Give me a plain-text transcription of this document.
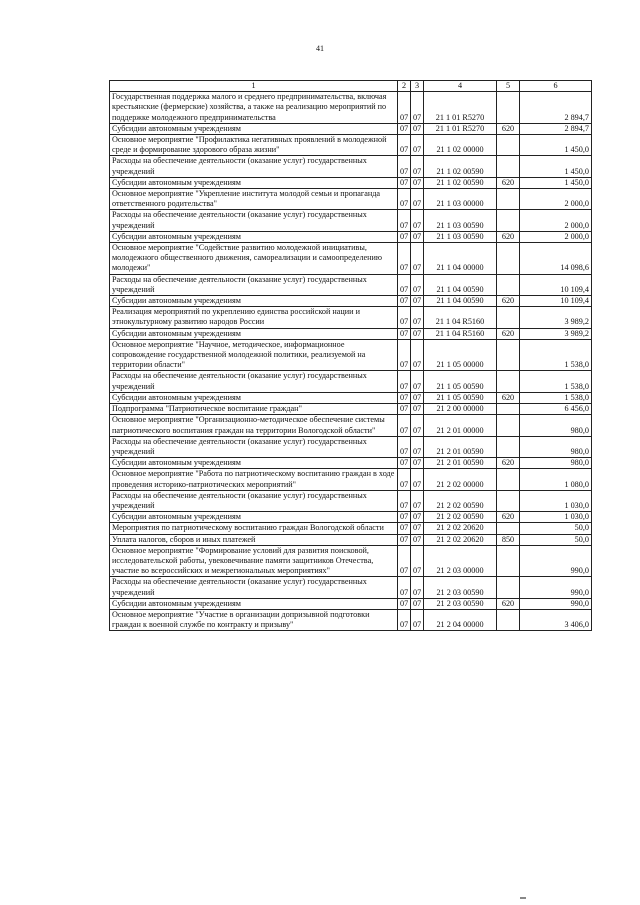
41
1	2	3	4	5	6
Государственная поддержка малого и среднего предпринимательства, включая крестьянские (фермерские) хозяйства, а также на реализацию мероприятий по поддержке молодежного предпринимательства	07	07	21 1 01 R5270		2 894,7
Субсидии автономным учреждениям	07	07	21 1 01 R5270	620	2 894,7
Основное мероприятие "Профилактика негативных проявлений в молодежной среде и формирование здорового образа жизни"	07	07	21 1 02 00000		1 450,0
Расходы на обеспечение деятельности (оказание услуг) государственных учреждений	07	07	21 1 02 00590		1 450,0
Субсидии автономным учреждениям	07	07	21 1 02 00590	620	1 450,0
Основное мероприятие "Укрепление института молодой семьи и пропаганда ответственного родительства"	07	07	21 1 03 00000		2 000,0
Расходы на обеспечение деятельности (оказание услуг) государственных учреждений	07	07	21 1 03 00590		2 000,0
Субсидии автономным учреждениям	07	07	21 1 03 00590	620	2 000,0
Основное мероприятие "Содействие развитию молодежной инициативы, молодежного общественного движения, самореализации и самоопределению молодежи"	07	07	21 1 04 00000		14 098,6
Расходы на обеспечение деятельности (оказание услуг) государственных учреждений	07	07	21 1 04 00590		10 109,4
Субсидии автономным учреждениям	07	07	21 1 04 00590	620	10 109,4
Реализация мероприятий по укреплению единства российской нации и этнокультурному развитию народов России	07	07	21 1 04 R5160		3 989,2
Субсидии автономным учреждениям	07	07	21 1 04 R5160	620	3 989,2
Основное мероприятие "Научное, методическое, информационное сопровождение государственной молодежной политики, реализуемой на территории области"	07	07	21 1 05 00000		1 538,0
Расходы на обеспечение деятельности (оказание услуг) государственных учреждений	07	07	21 1 05 00590		1 538,0
Субсидии автономным учреждениям	07	07	21 1 05 00590	620	1 538,0
Подпрограмма "Патриотическое воспитание граждан"	07	07	21 2 00 00000		6 456,0
Основное мероприятие "Организационно-методическое обеспечение системы патриотического воспитания граждан на территории Вологодской области"	07	07	21 2 01 00000		980,0
Расходы на обеспечение деятельности (оказание услуг) государственных учреждений	07	07	21 2 01 00590		980,0
Субсидии автономным учреждениям	07	07	21 2 01 00590	620	980,0
Основное мероприятие "Работа по патриотическому воспитанию граждан в ходе проведения историко-патриотических мероприятий"	07	07	21 2 02 00000		1 080,0
Расходы на обеспечение деятельности (оказание услуг) государственных учреждений	07	07	21 2 02 00590		1 030,0
Субсидии автономным учреждениям	07	07	21 2 02 00590	620	1 030,0
Мероприятия по патриотическому воспитанию граждан Вологодской области	07	07	21 2 02 20620		50,0
Уплата налогов, сборов и иных платежей	07	07	21 2 02 20620	850	50,0
Основное мероприятие "Формирование условий для развития поисковой, исследовательской работы, увековечивание памяти защитников Отечества, участие во всероссийских и межрегиональных мероприятиях"	07	07	21 2 03 00000		990,0
Расходы на обеспечение деятельности (оказание услуг) государственных учреждений	07	07	21 2 03 00590		990,0
Субсидии автономным учреждениям	07	07	21 2 03 00590	620	990,0
Основное мероприятие "Участие в организации допризывной подготовки граждан к военной службе по контракту и призыву"	07	07	21 2 04 00000		3 406,0
